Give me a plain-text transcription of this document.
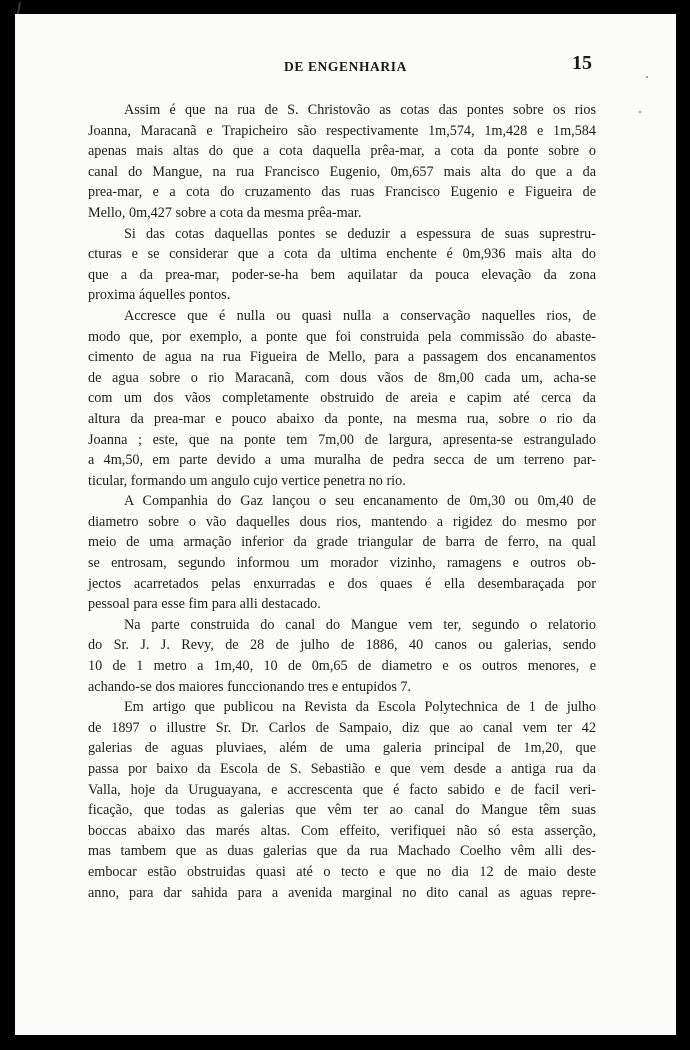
DE ENGENHARIA	15

Assim é que na rua de S. Christovão as cotas das pontes sobre os rios
Joanna, Maracanã e Trapicheiro são respectivamente 1m,574, 1m,428 e 1m,584
apenas mais altas do que a cota daquella prêa-mar, a cota da ponte sobre o
canal do Mangue, na rua Francisco Eugenio, 0m,657 mais alta do que a da
prea-mar, e a cota do cruzamento das ruas Francisco Eugenio e Figueira de
Mello, 0m,427 sobre a cota da mesma prêa-mar.

Si das cotas daquellas pontes se deduzir a espessura de suas suprestru-
cturas e se considerar que a cota da ultima enchente é 0m,936 mais alta do
que a da prea-mar, poder-se-ha bem aquilatar da pouca elevação da zona
proxima áquelles pontos.

Accresce que é nulla ou quasi nulla a conservação naquelles rios, de
modo que, por exemplo, a ponte que foi construida pela commissão do abaste-
cimento de agua na rua Figueira de Mello, para a passagem dos encanamentos
de agua sobre o rio Maracanã, com dous vãos de 8m,00 cada um, acha-se
com um dos vãos completamente obstruido de areia e capim até cerca da
altura da prea-mar e pouco abaixo da ponte, na mesma rua, sobre o rio da
Joanna ; este, que na ponte tem 7m,00 de largura, apresenta-se estrangulado
a 4m,50, em parte devido a uma muralha de pedra secca de um terreno par-
ticular, formando um angulo cujo vertice penetra no rio.

A Companhia do Gaz lançou o seu encanamento de 0m,30 ou 0m,40 de
diametro sobre o vão daquelles dous rios, mantendo a rigidez do mesmo por
meio de uma armação inferior da grade triangular de barra de ferro, na qual
se entrosam, segundo informou um morador vizinho, ramagens e outros ob-
jectos acarretados pelas enxurradas e dos quaes é ella desembaraçada por
pessoal para esse fim para alli destacado.

Na parte construida do canal do Mangue vem ter, segundo o relatorio
do Sr. J. J. Revy, de 28 de julho de 1886, 40 canos ou galerias, sendo
10 de 1 metro a 1m,40, 10 de 0m,65 de diametro e os outros menores, e
achando-se dos maiores funccionando tres e entupidos 7.

Em artigo que publicou na Revista da Escola Polytechnica de 1 de julho
de 1897 o illustre Sr. Dr. Carlos de Sampaio, diz que ao canal vem ter 42
galerias de aguas pluviaes, além de uma galeria principal de 1m,20, que
passa por baixo da Escola de S. Sebastião e que vem desde a antiga rua da
Valla, hoje da Uruguayana, e accrescenta que é facto sabido e de facil veri-
ficação, que todas as galerias que vêm ter ao canal do Mangue têm suas
boccas abaixo das marés altas. Com effeito, verifiquei não só esta asserção,
mas tambem que as duas galerias que da rua Machado Coelho vêm alli des-
embocar estão obstruidas quasi até o tecto e que no dia 12 de maio deste
anno, para dar sahida para a avenida marginal no dito canal as aguas repre-
